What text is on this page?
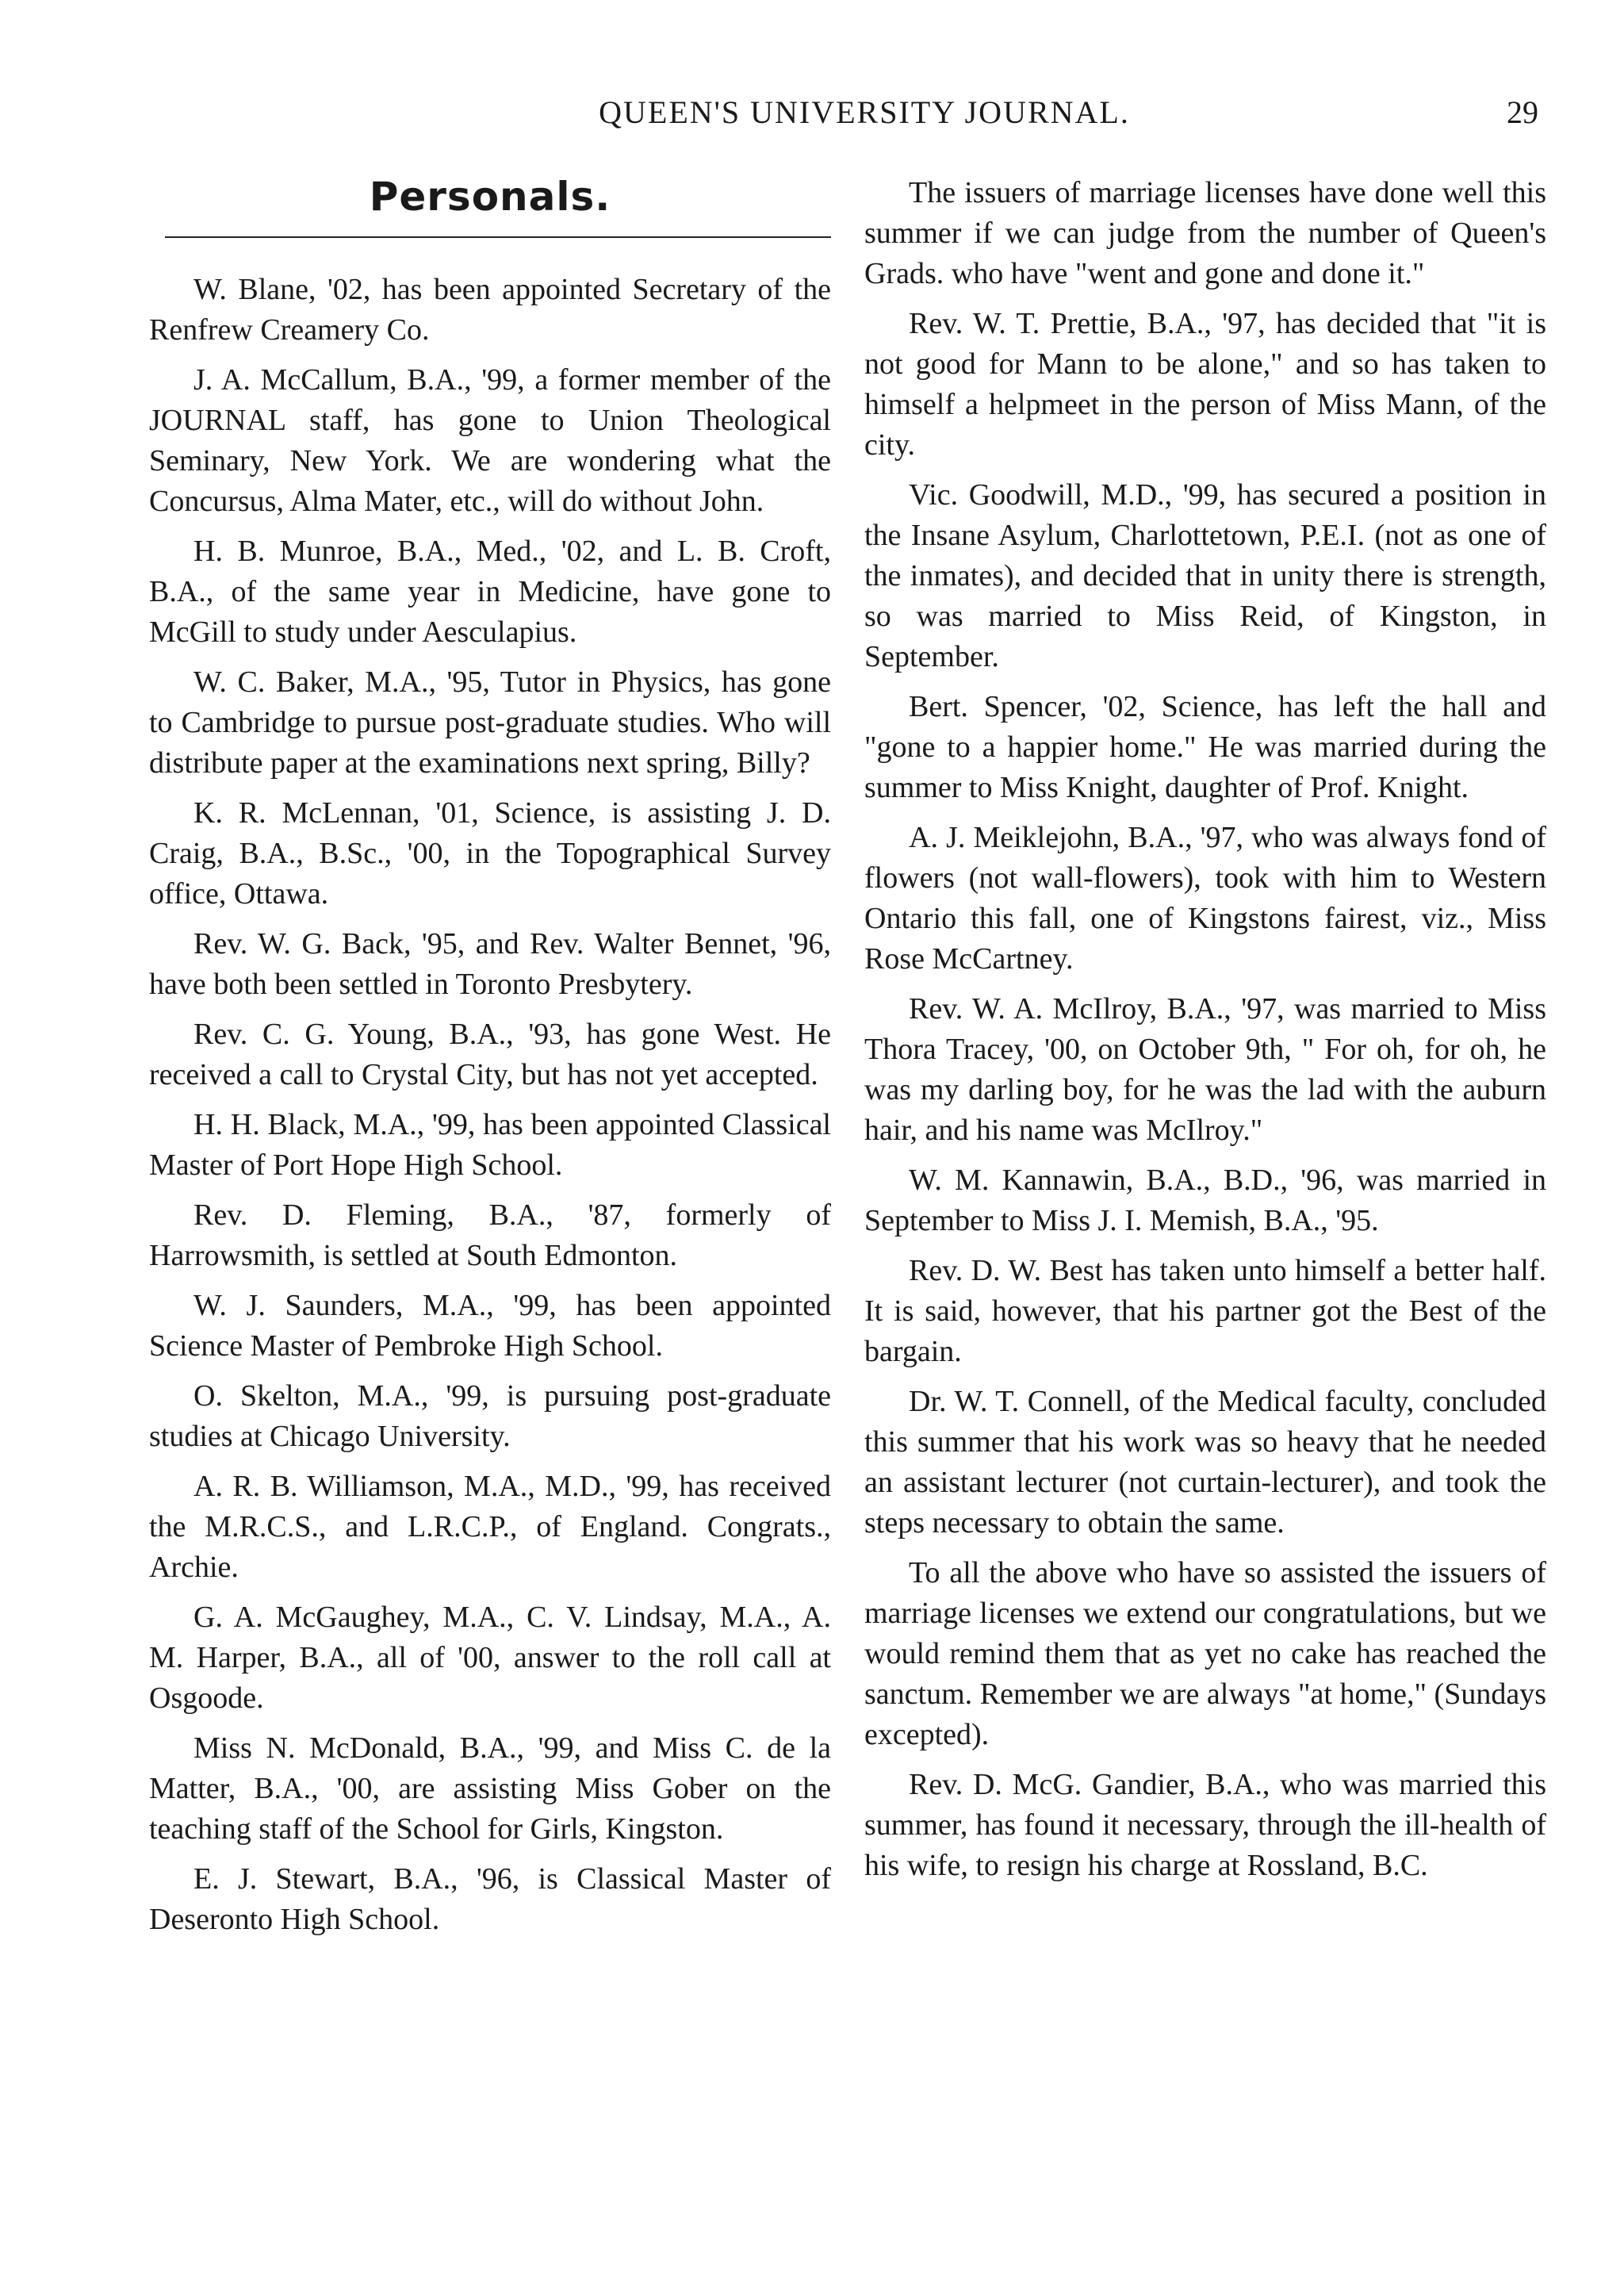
QUEEN'S UNIVERSITY JOURNAL.	29
Personals.

W. Blane, '02, has been appointed Secretary of the Renfrew Creamery Co.

J. A. McCallum, B.A., '99, a former member of the JOURNAL staff, has gone to Union Theological Seminary, New York. We are wondering what the Concursus, Alma Mater, etc., will do without John.

H. B. Munroe, B.A., Med., '02, and L. B. Croft, B.A., of the same year in Medicine, have gone to McGill to study under Aesculapius.

W. C. Baker, M.A., '95, Tutor in Physics, has gone to Cambridge to pursue post-graduate studies. Who will distribute paper at the examinations next spring, Billy?

K. R. McLennan, '01, Science, is assisting J. D. Craig, B.A., B.Sc., '00, in the Topographical Survey office, Ottawa.

Rev. W. G. Back, '95, and Rev. Walter Bennet, '96, have both been settled in Toronto Presbytery.

Rev. C. G. Young, B.A., '93, has gone West. He received a call to Crystal City, but has not yet accepted.

H. H. Black, M.A., '99, has been appointed Classical Master of Port Hope High School.

Rev. D. Fleming, B.A., '87, formerly of Harrowsmith, is settled at South Edmonton.

W. J. Saunders, M.A., '99, has been appointed Science Master of Pembroke High School.

O. Skelton, M.A., '99, is pursuing post-graduate studies at Chicago University.

A. R. B. Williamson, M.A., M.D., '99, has received the M.R.C.S., and L.R.C.P., of England. Congrats., Archie.

G. A. McGaughey, M.A., C. V. Lindsay, M.A., A. M. Harper, B.A., all of '00, answer to the roll call at Osgoode.

Miss N. McDonald, B.A., '99, and Miss C. de la Matter, B.A., '00, are assisting Miss Gober on the teaching staff of the School for Girls, Kingston.

E. J. Stewart, B.A., '96, is Classical Master of Deseronto High School.

The issuers of marriage licenses have done well this summer if we can judge from the number of Queen's Grads. who have "went and gone and done it."

Rev. W. T. Prettie, B.A., '97, has decided that "it is not good for Mann to be alone," and so has taken to himself a helpmeet in the person of Miss Mann, of the city.

Vic. Goodwill, M.D., '99, has secured a position in the Insane Asylum, Charlottetown, P.E.I. (not as one of the inmates), and decided that in unity there is strength, so was married to Miss Reid, of Kingston, in September.

Bert. Spencer, '02, Science, has left the hall and "gone to a happier home." He was married during the summer to Miss Knight, daughter of Prof. Knight.

A. J. Meiklejohn, B.A., '97, who was always fond of flowers (not wall-flowers), took with him to Western Ontario this fall, one of Kingstons fairest, viz., Miss Rose McCartney.

Rev. W. A. McIlroy, B.A., '97, was married to Miss Thora Tracey, '00, on October 9th, " For oh, for oh, he was my darling boy, for he was the lad with the auburn hair, and his name was McIlroy."

W. M. Kannawin, B.A., B.D., '96, was married in September to Miss J. I. Memish, B.A., '95.

Rev. D. W. Best has taken unto himself a better half. It is said, however, that his partner got the Best of the bargain.

Dr. W. T. Connell, of the Medical faculty, concluded this summer that his work was so heavy that he needed an assistant lecturer (not curtain-lecturer), and took the steps necessary to obtain the same.

To all the above who have so assisted the issuers of marriage licenses we extend our congratulations, but we would remind them that as yet no cake has reached the sanctum. Remember we are always "at home," (Sundays excepted).

Rev. D. McG. Gandier, B.A., who was married this summer, has found it necessary, through the ill-health of his wife, to resign his charge at Rossland, B.C.
